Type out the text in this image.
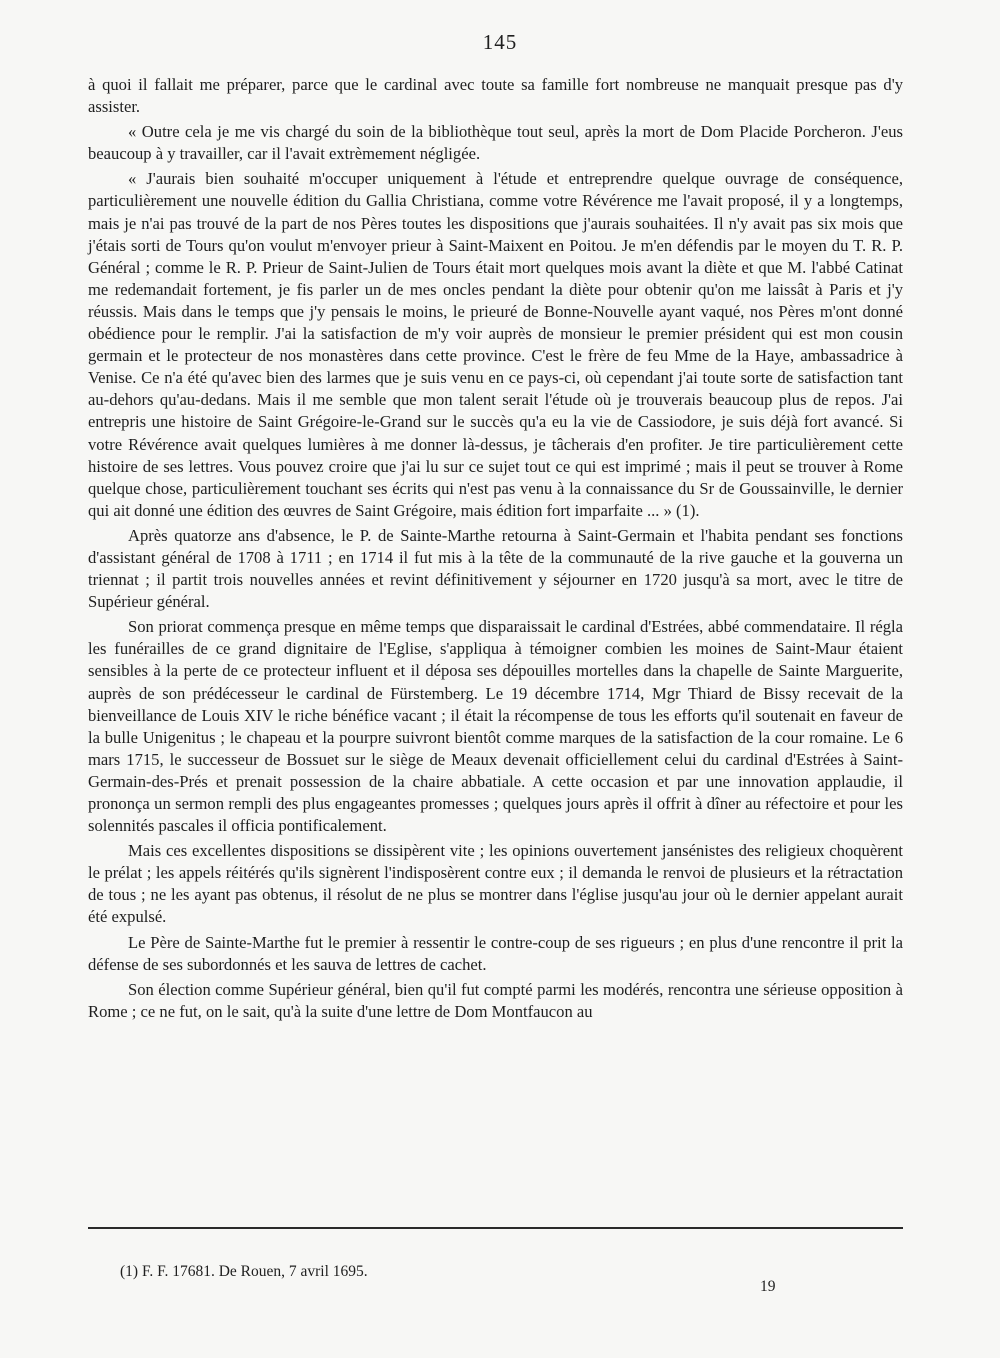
145

à quoi il fallait me préparer, parce que le cardinal avec toute sa famille fort nombreuse ne manquait presque pas d'y assister.

« Outre cela je me vis chargé du soin de la bibliothèque tout seul, après la mort de Dom Placide Porcheron. J'eus beaucoup à y travailler, car il l'avait extrèmement négligée.

« J'aurais bien souhaité m'occuper uniquement à l'étude et entreprendre quelque ouvrage de conséquence, particulièrement une nouvelle édition du Gallia Christiana, comme votre Révérence me l'avait proposé, il y a longtemps, mais je n'ai pas trouvé de la part de nos Pères toutes les dispositions que j'aurais souhaitées. Il n'y avait pas six mois que j'étais sorti de Tours qu'on voulut m'envoyer prieur à Saint-Maixent en Poitou. Je m'en défendis par le moyen du T. R. P. Général ; comme le R. P. Prieur de Saint-Julien de Tours était mort quelques mois avant la diète et que M. l'abbé Catinat me redemandait fortement, je fis parler un de mes oncles pendant la diète pour obtenir qu'on me laissât à Paris et j'y réussis. Mais dans le temps que j'y pensais le moins, le prieuré de Bonne-Nouvelle ayant vaqué, nos Pères m'ont donné obédience pour le remplir. J'ai la satisfaction de m'y voir auprès de monsieur le premier président qui est mon cousin germain et le protecteur de nos monastères dans cette province. C'est le frère de feu Mme de la Haye, ambassadrice à Venise. Ce n'a été qu'avec bien des larmes que je suis venu en ce pays-ci, où cependant j'ai toute sorte de satisfaction tant au-dehors qu'au-dedans. Mais il me semble que mon talent serait l'étude où je trouverais beaucoup plus de repos. J'ai entrepris une histoire de Saint Grégoire-le-Grand sur le succès qu'a eu la vie de Cassiodore, je suis déjà fort avancé. Si votre Révérence avait quelques lumières à me donner là-dessus, je tâcherais d'en profiter. Je tire particulièrement cette histoire de ses lettres. Vous pouvez croire que j'ai lu sur ce sujet tout ce qui est imprimé ; mais il peut se trouver à Rome quelque chose, particulièrement touchant ses écrits qui n'est pas venu à la connaissance du Sr de Goussainville, le dernier qui ait donné une édition des œuvres de Saint Grégoire, mais édition fort imparfaite ... » (1).

Après quatorze ans d'absence, le P. de Sainte-Marthe retourna à Saint-Germain et l'habita pendant ses fonctions d'assistant général de 1708 à 1711 ; en 1714 il fut mis à la tête de la communauté de la rive gauche et la gouverna un triennat ; il partit trois nouvelles années et revint définitivement y séjourner en 1720 jusqu'à sa mort, avec le titre de Supérieur général.

Son priorat commença presque en même temps que disparaissait le cardinal d'Estrées, abbé commendataire. Il régla les funérailles de ce grand dignitaire de l'Eglise, s'appliqua à témoigner combien les moines de Saint-Maur étaient sensibles à la perte de ce protecteur influent et il déposa ses dépouilles mortelles dans la chapelle de Sainte Marguerite, auprès de son prédécesseur le cardinal de Fürstemberg. Le 19 décembre 1714, Mgr Thiard de Bissy recevait de la bienveillance de Louis XIV le riche bénéfice vacant ; il était la récompense de tous les efforts qu'il soutenait en faveur de la bulle Unigenitus ; le chapeau et la pourpre suivront bientôt comme marques de la satisfaction de la cour romaine. Le 6 mars 1715, le successeur de Bossuet sur le siège de Meaux devenait officiellement celui du cardinal d'Estrées à Saint-Germain-des-Prés et prenait possession de la chaire abbatiale. A cette occasion et par une innovation applaudie, il prononça un sermon rempli des plus engageantes promesses ; quelques jours après il offrit à dîner au réfectoire et pour les solennités pascales il officia pontificalement.

Mais ces excellentes dispositions se dissipèrent vite ; les opinions ouvertement jansénistes des religieux choquèrent le prélat ; les appels réitérés qu'ils signèrent l'indisposèrent contre eux ; il demanda le renvoi de plusieurs et la rétractation de tous ; ne les ayant pas obtenus, il résolut de ne plus se montrer dans l'église jusqu'au jour où le dernier appelant aurait été expulsé.

Le Père de Sainte-Marthe fut le premier à ressentir le contre-coup de ses rigueurs ; en plus d'une rencontre il prit la défense de ses subordonnés et les sauva de lettres de cachet.

Son élection comme Supérieur général, bien qu'il fut compté parmi les modérés, rencontra une sérieuse opposition à Rome ; ce ne fut, on le sait, qu'à la suite d'une lettre de Dom Montfaucon au

(1) F. F. 17681. De Rouen, 7 avril 1695.
19
